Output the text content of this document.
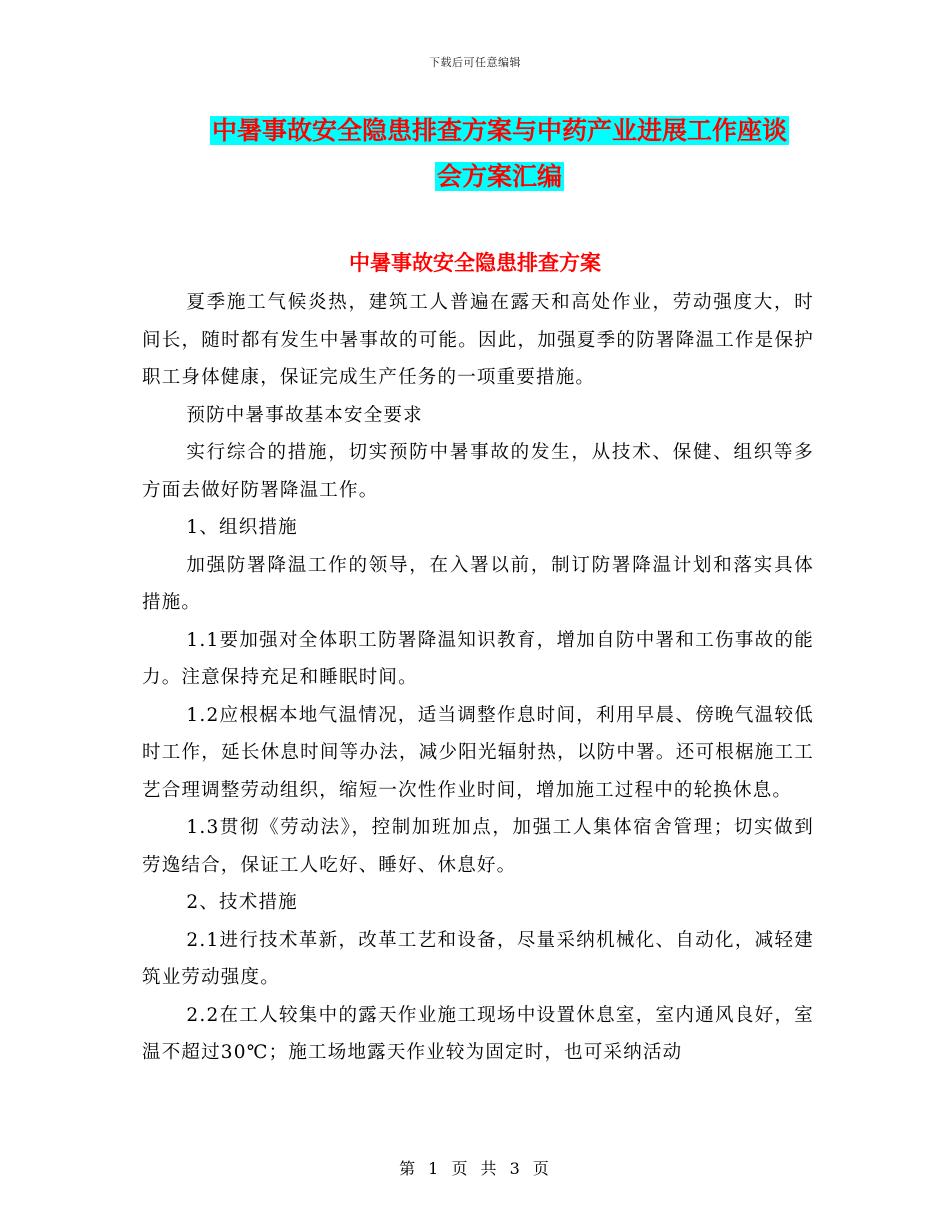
下载后可任意编辑
中暑事故安全隐患排查方案与中药产业进展工作座谈
会方案汇编
中暑事故安全隐患排查方案

夏季施工气候炎热，建筑工人普遍在露天和高处作业，劳动强度大，时间长，随时都有发生中暑事故的可能。因此，加强夏季的防署降温工作是保护职工身体健康，保证完成生产任务的一项重要措施。

预防中暑事故基本安全要求

实行综合的措施，切实预防中暑事故的发生，从技术、保健、组织等多方面去做好防署降温工作。

1、组织措施

加强防署降温工作的领导，在入署以前，制订防署降温计划和落实具体措施。

1.1要加强对全体职工防署降温知识教育，增加自防中署和工伤事故的能力。注意保持充足和睡眠时间。

1.2应根椐本地气温情况，适当调整作息时间，利用早晨、傍晚气温较低时工作，延长休息时间等办法，减少阳光辐射热，以防中署。还可根椐施工工艺合理调整劳动组织，缩短一次性作业时间，增加施工过程中的轮换休息。

1.3贯彻《劳动法》，控制加班加点，加强工人集体宿舍管理；切实做到劳逸结合，保证工人吃好、睡好、休息好。

2、技术措施

2.1进行技术革新，改革工艺和设备，尽量采纳机械化、自动化，减轻建筑业劳动强度。

2.2在工人较集中的露天作业施工现场中设置休息室，室内通风良好，室温不超过30℃；施工场地露天作业较为固定时，也可采纳活动

第 1 页 共 3 页
